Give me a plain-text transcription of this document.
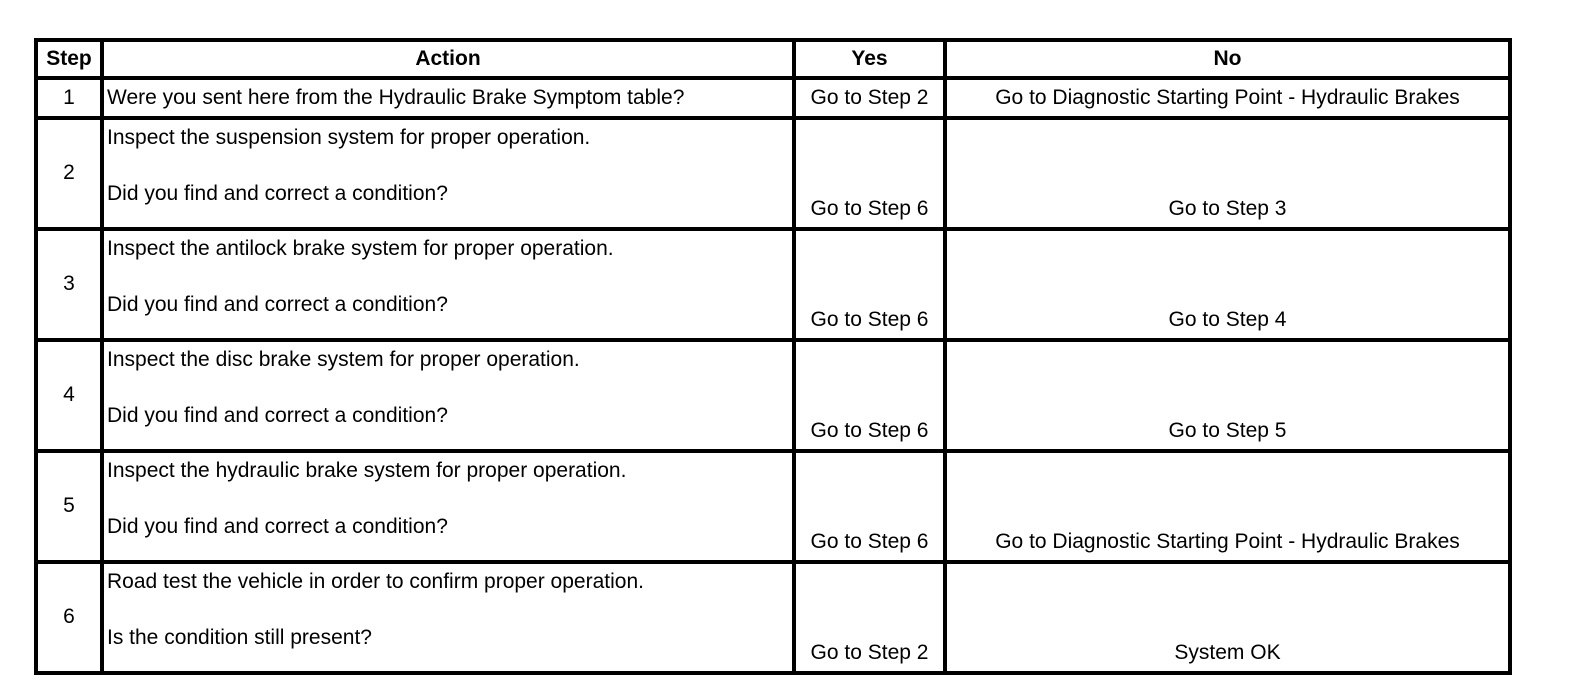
Step	Action	Yes	No
1	Were you sent here from the Hydraulic Brake Symptom table?	Go to Step 2	Go to Diagnostic Starting Point - Hydraulic Brakes
2	Inspect the suspension system for proper operation.
Did you find and correct a condition?	Go to Step 6	Go to Step 3
3	Inspect the antilock brake system for proper operation.
Did you find and correct a condition?	Go to Step 6	Go to Step 4
4	Inspect the disc brake system for proper operation.
Did you find and correct a condition?	Go to Step 6	Go to Step 5
5	Inspect the hydraulic brake system for proper operation.
Did you find and correct a condition?	Go to Step 6	Go to Diagnostic Starting Point - Hydraulic Brakes
6	Road test the vehicle in order to confirm proper operation.
Is the condition still present?	Go to Step 2	System OK
